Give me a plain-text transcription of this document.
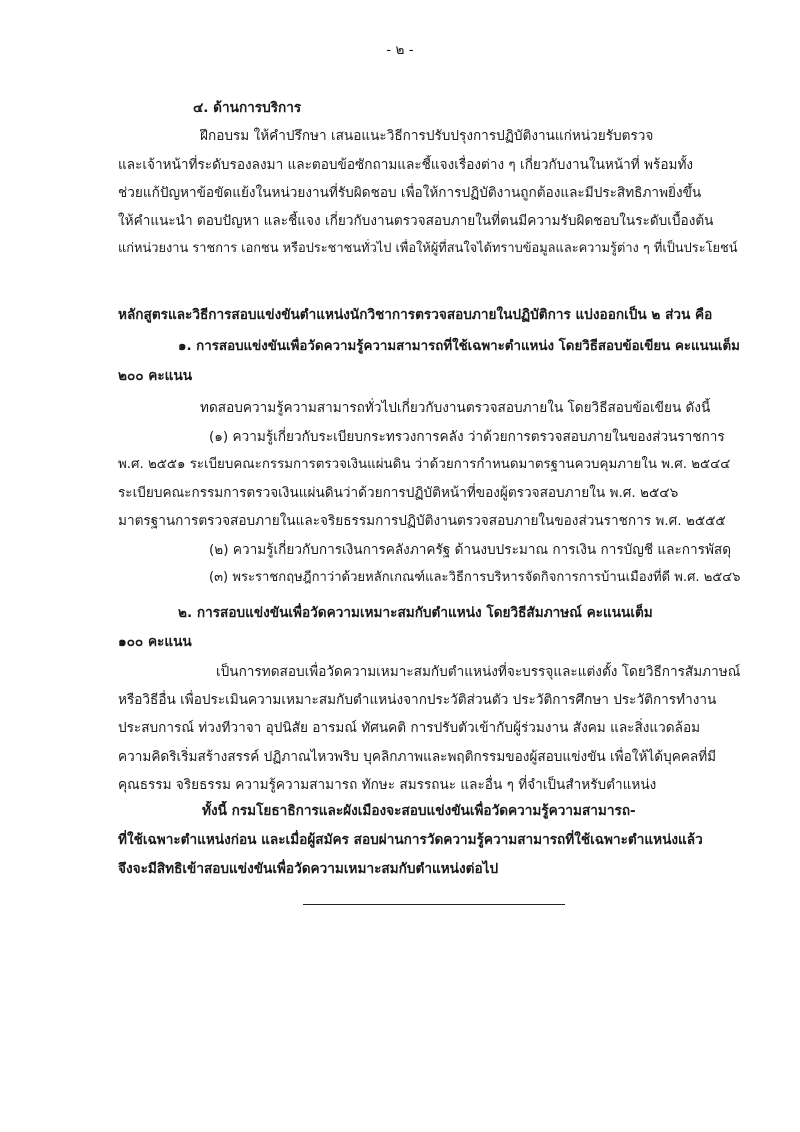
- ๒ -
๔. ด้านการบริการ
ฝึกอบรม ให้คำปรึกษา เสนอแนะวิธีการปรับปรุงการปฏิบัติงานแก่หน่วยรับตรวจ
และเจ้าหน้าที่ระดับรองลงมา และตอบข้อซักถามและชี้แจงเรื่องต่าง ๆ เกี่ยวกับงานในหน้าที่ พร้อมทั้ง
ช่วยแก้ปัญหาข้อขัดแย้งในหน่วยงานที่รับผิดชอบ เพื่อให้การปฏิบัติงานถูกต้องและมีประสิทธิภาพยิ่งขึ้น
ให้คำแนะนำ ตอบปัญหา และชี้แจง เกี่ยวกับงานตรวจสอบภายในที่ตนมีความรับผิดชอบในระดับเบื้องต้น
แก่หน่วยงาน ราชการ เอกชน หรือประชาชนทั่วไป เพื่อให้ผู้ที่สนใจได้ทราบข้อมูลและความรู้ต่าง ๆ ที่เป็นประโยชน์
หลักสูตรและวิธีการสอบแข่งขันตำแหน่งนักวิชาการตรวจสอบภายในปฏิบัติการ แบ่งออกเป็น ๒ ส่วน คือ
๑. การสอบแข่งขันเพื่อวัดความรู้ความสามารถที่ใช้เฉพาะตำแหน่ง โดยวิธีสอบข้อเขียน คะแนนเต็ม
๒๐๐ คะแนน
ทดสอบความรู้ความสามารถทั่วไปเกี่ยวกับงานตรวจสอบภายใน โดยวิธีสอบข้อเขียน ดังนี้
(๑) ความรู้เกี่ยวกับระเบียบกระทรวงการคลัง ว่าด้วยการตรวจสอบภายในของส่วนราชการ
พ.ศ. ๒๕๕๑ ระเบียบคณะกรรมการตรวจเงินแผ่นดิน ว่าด้วยการกำหนดมาตรฐานควบคุมภายใน พ.ศ. ๒๕๔๔
ระเบียบคณะกรรมการตรวจเงินแผ่นดินว่าด้วยการปฏิบัติหน้าที่ของผู้ตรวจสอบภายใน พ.ศ. ๒๕๔๖
มาตรฐานการตรวจสอบภายในและจริยธรรมการปฏิบัติงานตรวจสอบภายในของส่วนราชการ พ.ศ. ๒๕๕๕
(๒) ความรู้เกี่ยวกับการเงินการคลังภาครัฐ ด้านงบประมาณ การเงิน การบัญชี และการพัสดุ
(๓) พระราชกฤษฎีกาว่าด้วยหลักเกณฑ์และวิธีการบริหารจัดกิจการการบ้านเมืองที่ดี พ.ศ. ๒๕๔๖
๒. การสอบแข่งขันเพื่อวัดความเหมาะสมกับตำแหน่ง โดยวิธีสัมภาษณ์ คะแนนเต็ม
๑๐๐ คะแนน
เป็นการทดสอบเพื่อวัดความเหมาะสมกับตำแหน่งที่จะบรรจุและแต่งตั้ง โดยวิธีการสัมภาษณ์
หรือวิธีอื่น เพื่อประเมินความเหมาะสมกับตำแหน่งจากประวัติส่วนตัว ประวัติการศึกษา ประวัติการทำงาน
ประสบการณ์ ท่วงทีวาจา อุปนิสัย อารมณ์ ทัศนคติ การปรับตัวเข้ากับผู้ร่วมงาน สังคม และสิ่งแวดล้อม
ความคิดริเริ่มสร้างสรรค์ ปฏิภาณไหวพริบ บุคลิกภาพและพฤติกรรมของผู้สอบแข่งขัน เพื่อให้ได้บุคคลที่มี
คุณธรรม จริยธรรม ความรู้ความสามารถ ทักษะ สมรรถนะ และอื่น ๆ ที่จำเป็นสำหรับตำแหน่ง
ทั้งนี้ กรมโยธาธิการและผังเมืองจะสอบแข่งขันเพื่อวัดความรู้ความสามารถ-
ที่ใช้เฉพาะตำแหน่งก่อน และเมื่อผู้สมัคร สอบผ่านการวัดความรู้ความสามารถที่ใช้เฉพาะตำแหน่งแล้ว
จึงจะมีสิทธิเข้าสอบแข่งขันเพื่อวัดความเหมาะสมกับตำแหน่งต่อไป
